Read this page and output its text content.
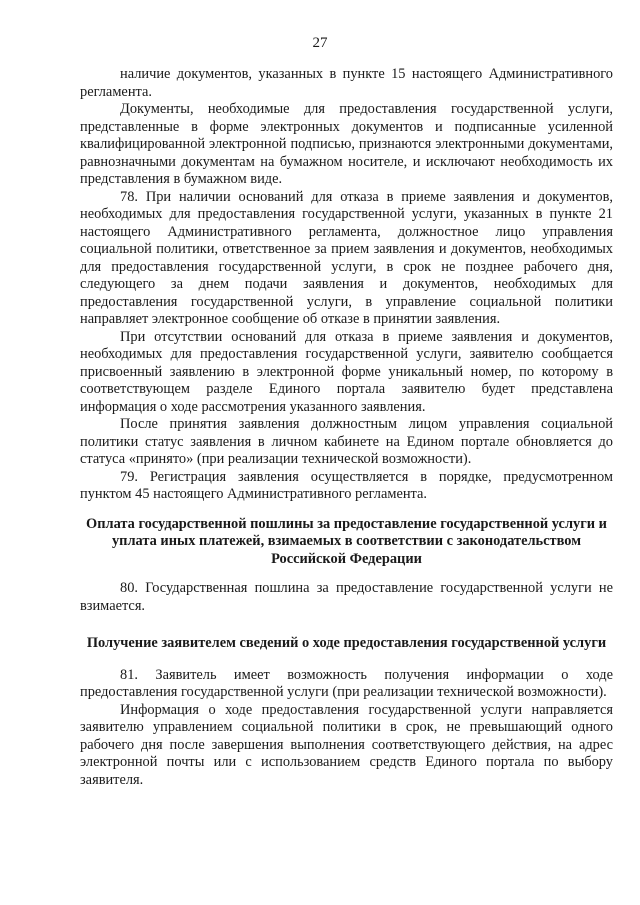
27

наличие документов, указанных в пункте 15 настоящего Административного регламента.

Документы, необходимые для предоставления государственной услуги, представленные в форме электронных документов и подписанные усиленной квалифицированной электронной подписью, признаются электронными документами, равнозначными документам на бумажном носителе, и исключают необходимость их представления в бумажном виде.

78. При наличии оснований для отказа в приеме заявления и документов, необходимых для предоставления государственной услуги, указанных в пункте 21 настоящего Административного регламента, должностное лицо управления социальной политики, ответственное за прием заявления и документов, необходимых для предоставления государственной услуги, в срок не позднее рабочего дня, следующего за днем подачи заявления и документов, необходимых для предоставления государственной услуги, в управление социальной политики направляет электронное сообщение об отказе в принятии заявления.

При отсутствии оснований для отказа в приеме заявления и документов, необходимых для предоставления государственной услуги, заявителю сообщается присвоенный заявлению в электронной форме уникальный номер, по которому в соответствующем разделе Единого портала заявителю будет представлена информация о ходе рассмотрения указанного заявления.

После принятия заявления должностным лицом управления социальной политики статус заявления в личном кабинете на Едином портале обновляется до статуса «принято» (при реализации технической возможности).

79. Регистрация заявления осуществляется в порядке, предусмотренном пунктом 45 настоящего Административного регламента.

Оплата государственной пошлины за предоставление государственной услуги и уплата иных платежей, взимаемых в соответствии с законодательством Российской Федерации

80. Государственная пошлина за предоставление государственной услуги не взимается.

Получение заявителем сведений о ходе предоставления государственной услуги

81. Заявитель имеет возможность получения информации о ходе предоставления государственной услуги (при реализации технической возможности).

Информация о ходе предоставления государственной услуги направляется заявителю управлением социальной политики в срок, не превышающий одного рабочего дня после завершения выполнения соответствующего действия, на адрес электронной почты или с использованием средств Единого портала по выбору заявителя.
